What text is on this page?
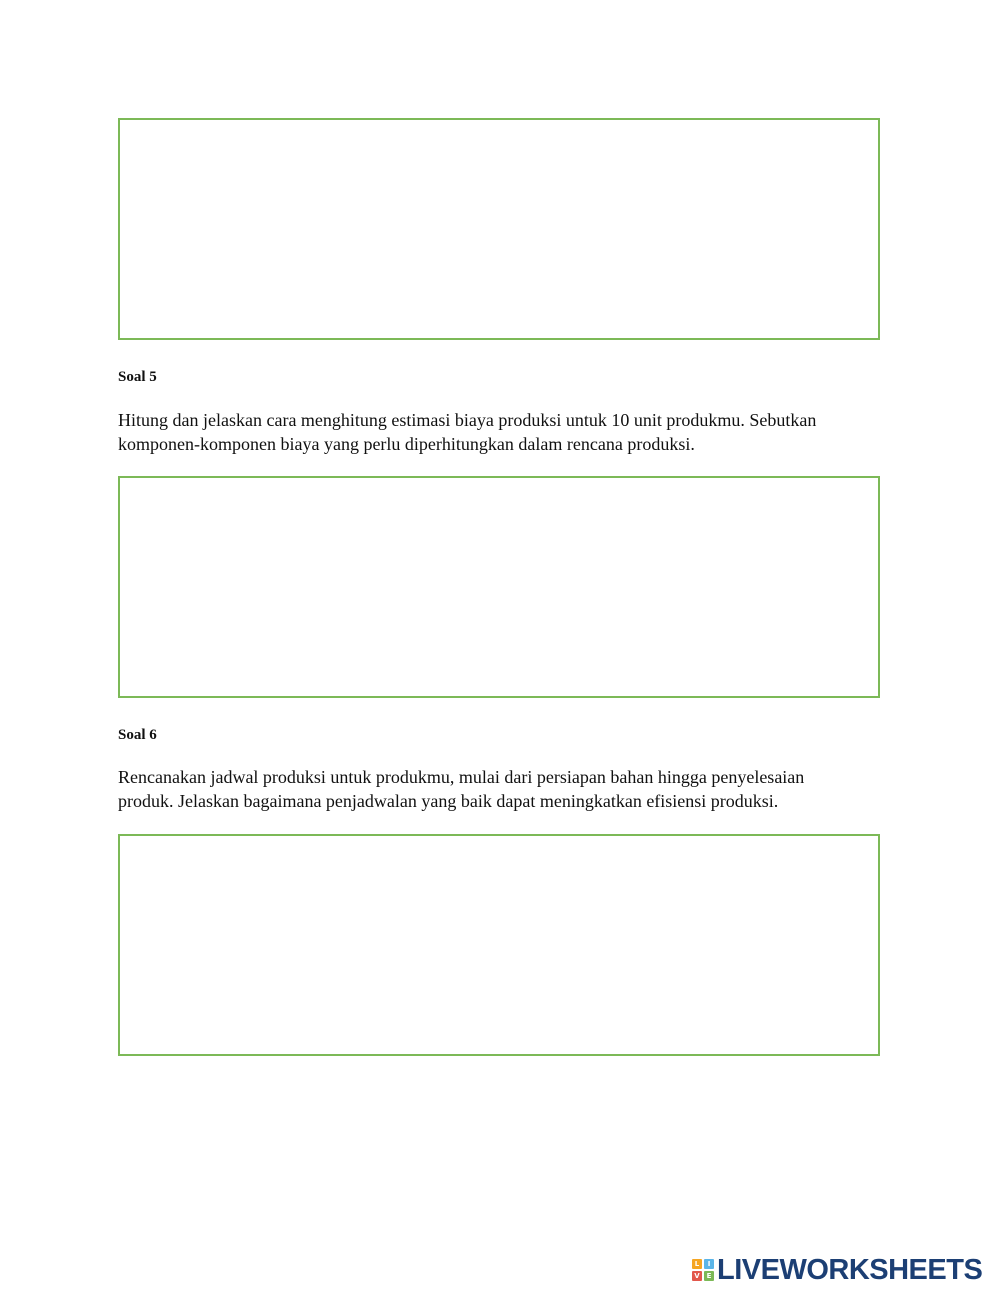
Soal 5
Hitung dan jelaskan cara menghitung estimasi biaya produksi untuk 10 unit produkmu. Sebutkan
komponen-komponen biaya yang perlu diperhitungkan dalam rencana produksi.
Soal 6
Rencanakan jadwal produksi untuk produkmu, mulai dari persiapan bahan hingga penyelesaian
produk. Jelaskan bagaimana penjadwalan yang baik dapat meningkatkan efisiensi produksi.
L	I
V E LIVEWORKSHEETS
